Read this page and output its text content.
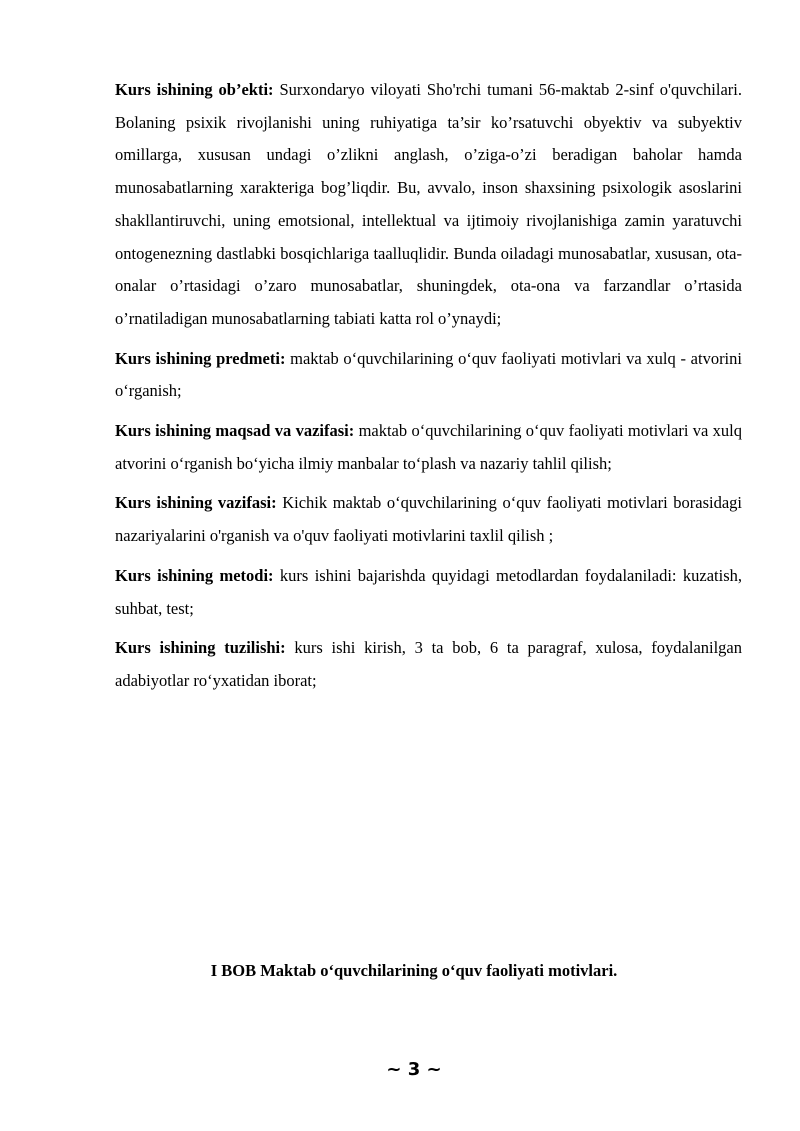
Kurs ishining ob’ekti: Surxondaryo viloyati Sho'rchi tumani 56-maktab 2-sinf o'quvchilari. Bolaning psixik rivojlanishi uning ruhiyatiga ta’sir ko’rsatuvchi obyektiv va subyektiv omillarga, xususan undagi o’zlikni anglash, o’ziga-o’zi beradigan baholar hamda munosabatlarning xarakteriga bog’liqdir. Bu, avvalo, inson shaxsining psixologik asoslarini shakllantiruvchi, uning emotsional, intellektual va ijtimoiy rivojlanishiga zamin yaratuvchi ontogenezning dastlabki bosqichlariga taalluqlidir. Bunda oiladagi munosabatlar, xususan, ota-onalar o’rtasidagi o’zaro munosabatlar, shuningdek, ota-ona va farzandlar o’rtasida o’rnatiladigan munosabatlarning tabiati katta rol o’ynaydi;

Kurs ishining predmeti: maktab o‘quvchilarining o‘quv faoliyati motivlari va xulq - atvorini o‘rganish;

Kurs ishining maqsad va vazifasi: maktab o‘quvchilarining o‘quv faoliyati motivlari va xulq atvorini o‘rganish bo‘yicha ilmiy manbalar to‘plash va nazariy tahlil qilish;

Kurs ishining vazifasi: Kichik maktab o‘quvchilarining o‘quv faoliyati motivlari borasidagi nazariyalarini o'rganish va o'quv faoliyati motivlarini taxlil qilish ;

Kurs ishining metodi: kurs ishini bajarishda quyidagi metodlardan foydalaniladi: kuzatish, suhbat, test;

Kurs ishining tuzilishi: kurs ishi kirish, 3 ta bob, 6 ta paragraf, xulosa, foydalanilgan adabiyotlar ro‘yxatidan iborat;

I BOB Maktab o‘quvchilarining o‘quv faoliyati motivlari.
~ 3 ~
